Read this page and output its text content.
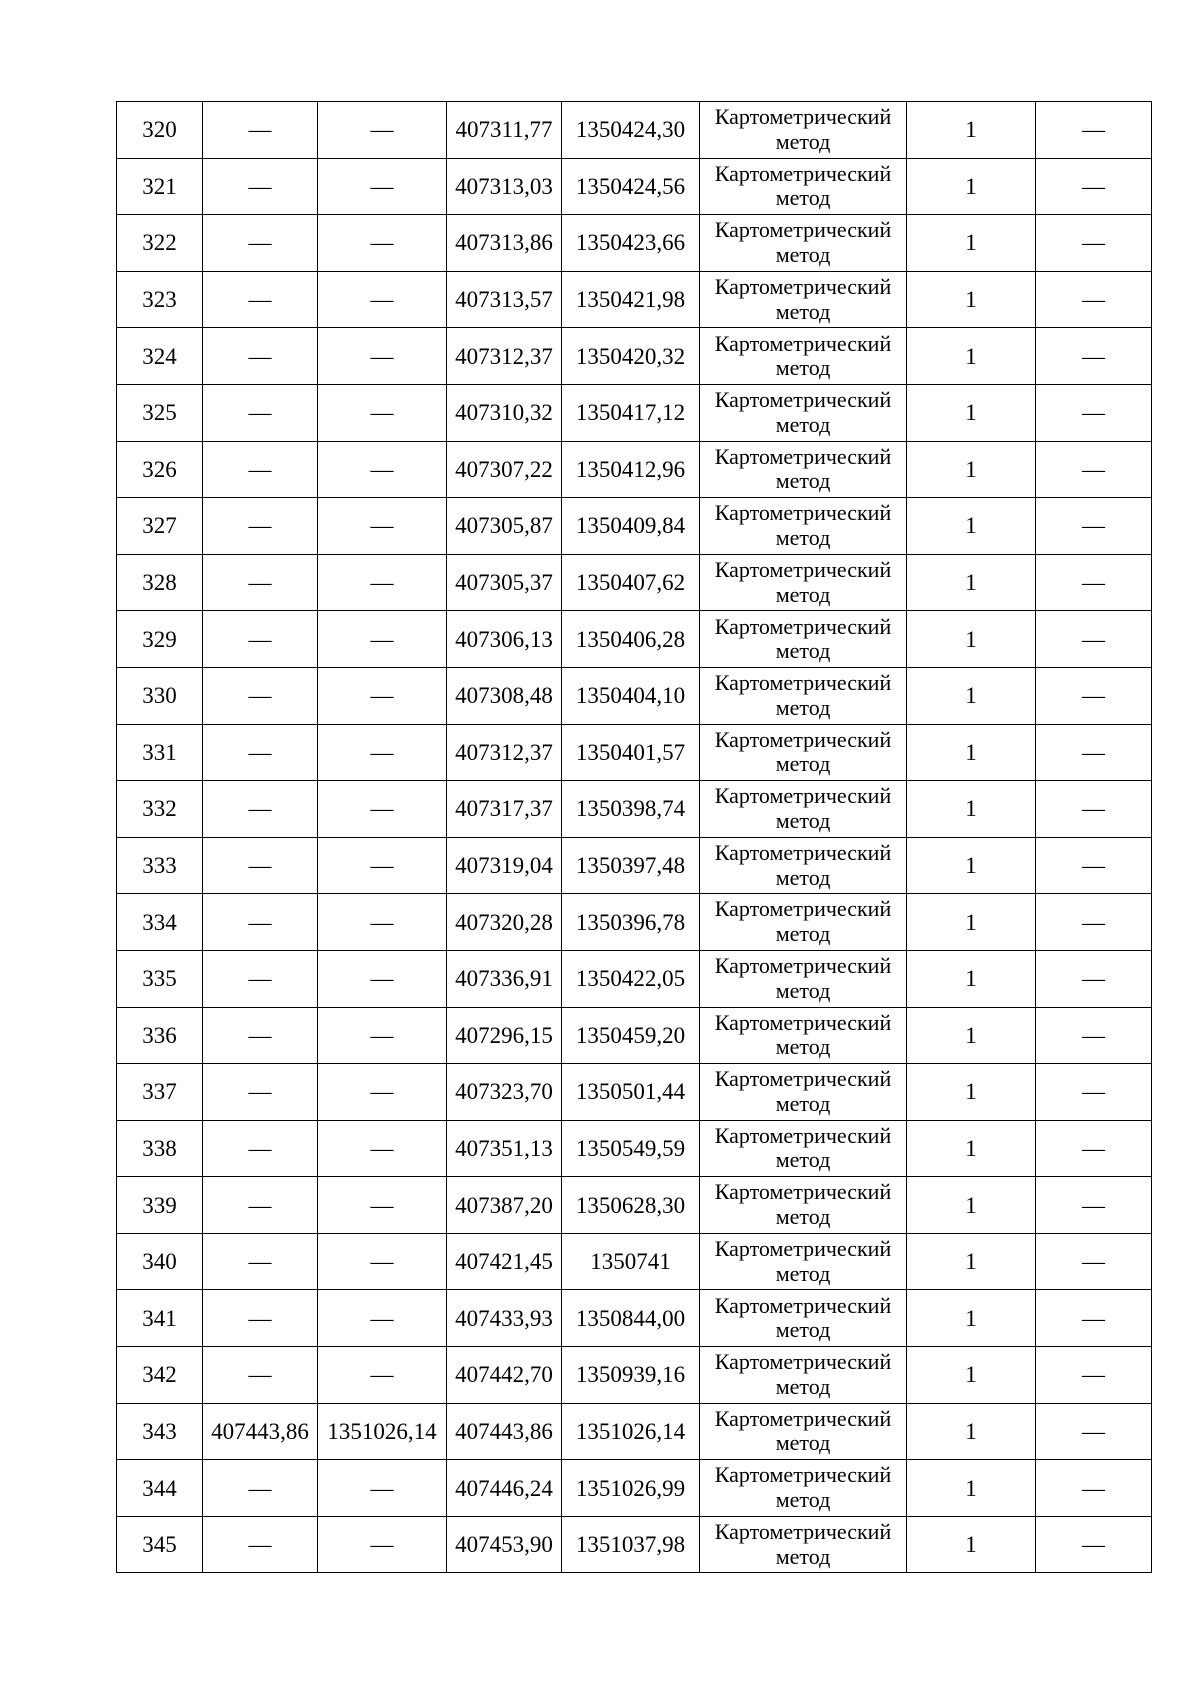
320	—	—	407311,77	1350424,30	Картометрический
метод	1	—
321	—	—	407313,03	1350424,56	Картометрический
метод	1	—
322	—	—	407313,86	1350423,66	Картометрический
метод	1	—
323	—	—	407313,57	1350421,98	Картометрический
метод	1	—
324	—	—	407312,37	1350420,32	Картометрический
метод	1	—
325	—	—	407310,32	1350417,12	Картометрический
метод	1	—
326	—	—	407307,22	1350412,96	Картометрический
метод	1	—
327	—	—	407305,87	1350409,84	Картометрический
метод	1	—
328	—	—	407305,37	1350407,62	Картометрический
метод	1	—
329	—	—	407306,13	1350406,28	Картометрический
метод	1	—
330	—	—	407308,48	1350404,10	Картометрический
метод	1	—
331	—	—	407312,37	1350401,57	Картометрический
метод	1	—
332	—	—	407317,37	1350398,74	Картометрический
метод	1	—
333	—	—	407319,04	1350397,48	Картометрический
метод	1	—
334	—	—	407320,28	1350396,78	Картометрический
метод	1	—
335	—	—	407336,91	1350422,05	Картометрический
метод	1	—
336	—	—	407296,15	1350459,20	Картометрический
метод	1	—
337	—	—	407323,70	1350501,44	Картометрический
метод	1	—
338	—	—	407351,13	1350549,59	Картометрический
метод	1	—
339	—	—	407387,20	1350628,30	Картометрический
метод	1	—
340	—	—	407421,45	1350741	Картометрический
метод	1	—
341	—	—	407433,93	1350844,00	Картометрический
метод	1	—
342	—	—	407442,70	1350939,16	Картометрический
метод	1	—
343	407443,86	1351026,14	407443,86	1351026,14	Картометрический
метод	1	—
344	—	—	407446,24	1351026,99	Картометрический
метод	1	—
345	—	—	407453,90	1351037,98	Картометрический
метод	1	—
